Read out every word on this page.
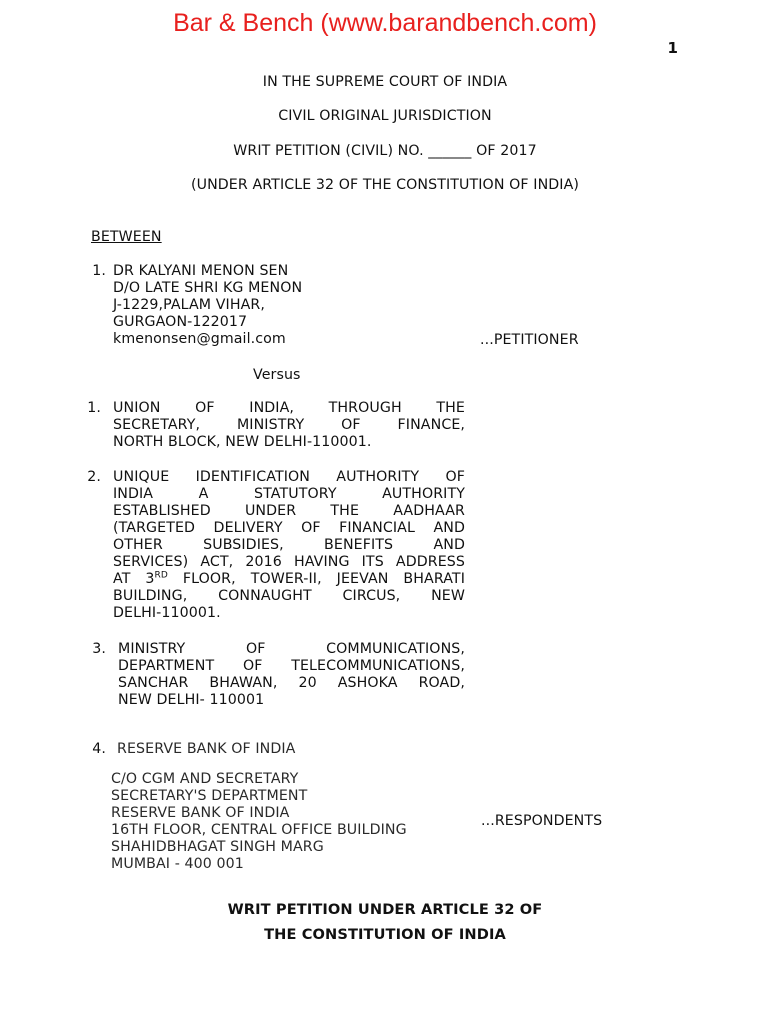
Bar & Bench (www.barandbench.com)
1
IN THE SUPREME COURT OF INDIA
CIVIL ORIGINAL JURISDICTION
WRIT PETITION (CIVIL) NO. ______ OF 2017
(UNDER ARTICLE 32 OF THE CONSTITUTION OF INDIA)
BETWEEN
1. DR KALYANI MENON SEN
D/O LATE SHRI KG MENON
J-1229,PALAM VIHAR,
GURGAON-122017
kmenonsen@gmail.com	...PETITIONER
Versus
1. UNION OF INDIA, THROUGH THE
SECRETARY, MINISTRY OF FINANCE,
NORTH BLOCK, NEW DELHI-110001.
2. UNIQUE IDENTIFICATION AUTHORITY OF
INDIA A STATUTORY AUTHORITY
ESTABLISHED UNDER THE AADHAAR
(TARGETED DELIVERY OF FINANCIAL AND
OTHER SUBSIDIES, BENEFITS AND
SERVICES) ACT, 2016 HAVING ITS ADDRESS
AT 3RD FLOOR, TOWER-II, JEEVAN BHARATI
BUILDING, CONNAUGHT CIRCUS, NEW
DELHI-110001.
3. MINISTRY OF COMMUNICATIONS,
DEPARTMENT OF TELECOMMUNICATIONS,
SANCHAR BHAWAN, 20 ASHOKA ROAD,
NEW DELHI- 110001
4. RESERVE BANK OF INDIA
C/O CGM AND SECRETARY
SECRETARY'S DEPARTMENT
RESERVE BANK OF INDIA
16TH FLOOR, CENTRAL OFFICE BUILDING
SHAHIDBHAGAT SINGH MARG
MUMBAI - 400 001
...RESPONDENTS
WRIT PETITION UNDER ARTICLE 32 OF
THE CONSTITUTION OF INDIA
